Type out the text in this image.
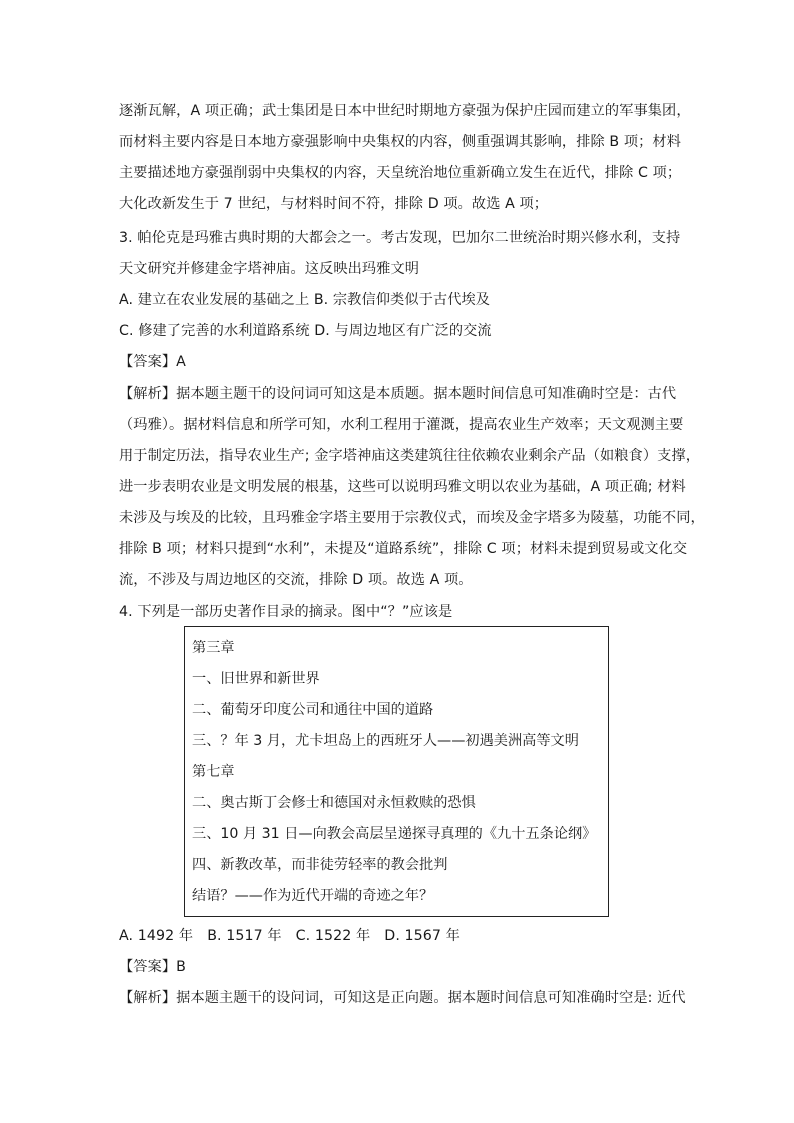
逐渐瓦解，A 项正确；武士集团是日本中世纪时期地方豪强为保护庄园而建立的军事集团，
而材料主要内容是日本地方豪强影响中央集权的内容，侧重强调其影响，排除 B 项；材料
主要描述地方豪强削弱中央集权的内容，天皇统治地位重新确立发生在近代，排除 C 项；
大化改新发生于 7 世纪，与材料时间不符，排除 D 项。故选 A 项；
3. 帕伦克是玛雅古典时期的大都会之一。考古发现，巴加尔二世统治时期兴修水利，支持
天文研究并修建金字塔神庙。这反映出玛雅文明
A. 建立在农业发展的基础之上 B. 宗教信仰类似于古代埃及
C. 修建了完善的水利道路系统 D. 与周边地区有广泛的交流
【答案】A
【解析】据本题主题干的设问词可知这是本质题。据本题时间信息可知准确时空是：古代
（玛雅）。据材料信息和所学可知，水利工程用于灌溉，提高农业生产效率；天文观测主要
用于制定历法，指导农业生产; 金字塔神庙这类建筑往往依赖农业剩余产品（如粮食）支撑，
进一步表明农业是文明发展的根基，这些可以说明玛雅文明以农业为基础，A 项正确; 材料
未涉及与埃及的比较，且玛雅金字塔主要用于宗教仪式，而埃及金字塔多为陵墓，功能不同，
排除 B 项；材料只提到“水利”，未提及“道路系统”，排除 C 项；材料未提到贸易或文化交
流，不涉及与周边地区的交流，排除 D 项。故选 A 项。
4. 下列是一部历史著作目录的摘录。图中“？”应该是
第三章
一、旧世界和新世界
二、葡萄牙印度公司和通往中国的道路
三、？年 3 月，尤卡坦岛上的西班牙人——初遇美洲高等文明
第七章
二、奥古斯丁会修士和德国对永恒救赎的恐惧
三、10 月 31 日—向教会高层呈递探寻真理的《九十五条论纲》
四、新教改革，而非徒劳轻率的教会批判
结语？——作为近代开端的奇迹之年？
A. 1492 年 B. 1517 年 C. 1522 年 D. 1567 年
【答案】B
【解析】据本题主题干的设问词，可知这是正向题。据本题时间信息可知准确时空是: 近代
